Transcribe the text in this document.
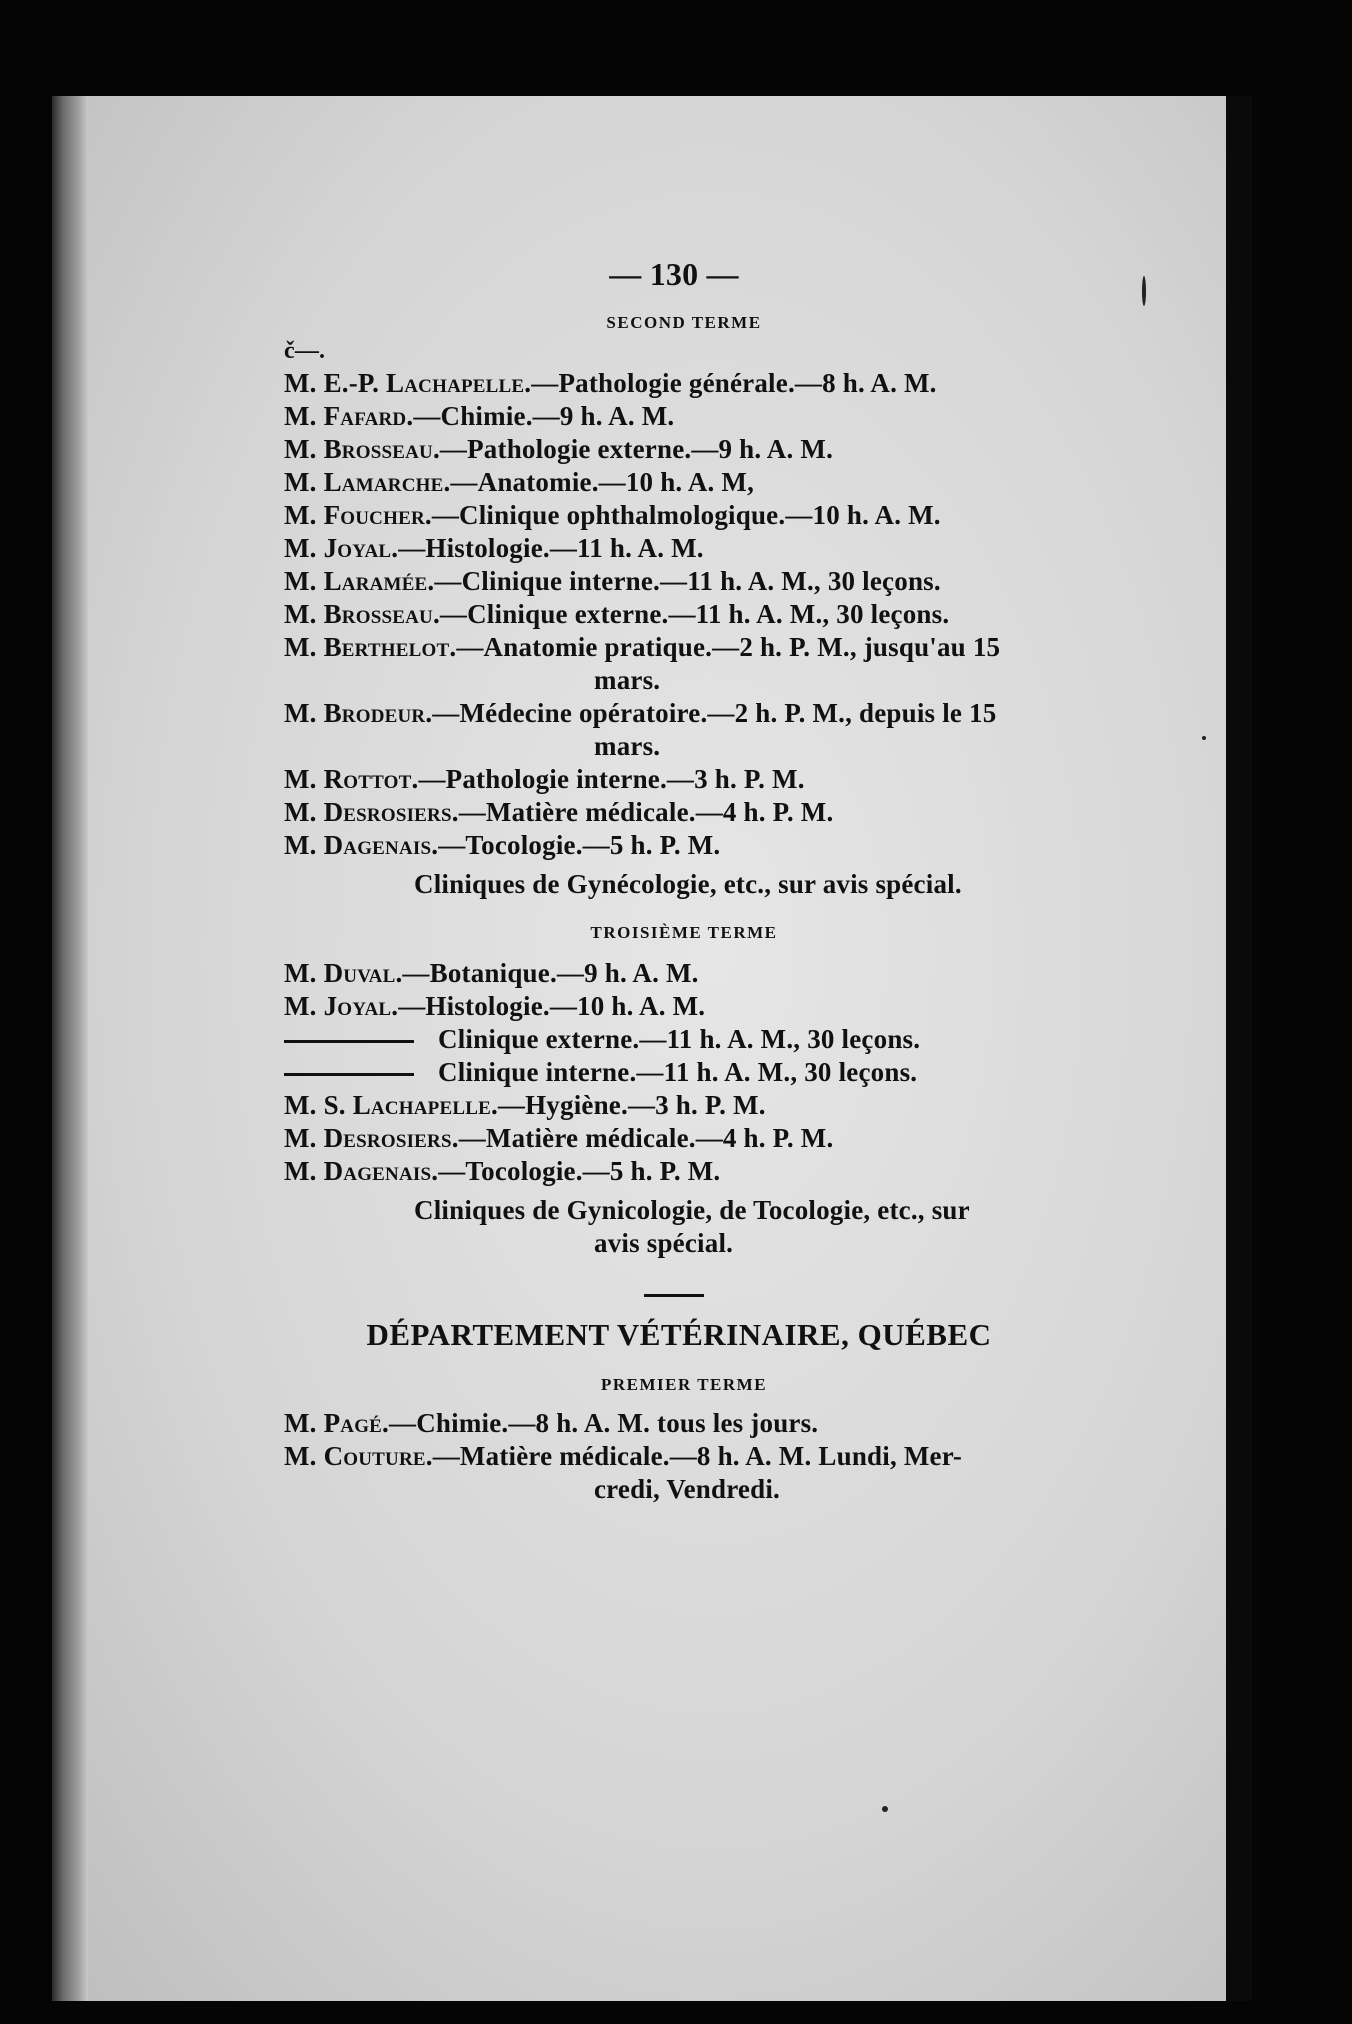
— 130 —
SECOND TERME
č—.
M. E.-P. Lachapelle.—Pathologie générale.—8 h. A. M.
M. Fafard.—Chimie.—9 h. A. M.
M. Brosseau.—Pathologie externe.—9 h. A. M.
M. Lamarche.—Anatomie.—10 h. A. M,
M. Foucher.—Clinique ophthalmologique.—10 h. A. M.
M. Joyal.—Histologie.—11 h. A. M.
M. Laramée.—Clinique interne.—11 h. A. M., 30 leçons.
M. Brosseau.—Clinique externe.—11 h. A. M., 30 leçons.
M. Berthelot.—Anatomie pratique.—2 h. P. M., jusqu'au 15
mars.
M. Brodeur.—Médecine opératoire.—2 h. P. M., depuis le 15
mars.
M. Rottot.—Pathologie interne.—3 h. P. M.
M. Desrosiers.—Matière médicale.—4 h. P. M.
M. Dagenais.—Tocologie.—5 h. P. M.
Cliniques de Gynécologie, etc., sur avis spécial.
TROISIÈME TERME
M. Duval.—Botanique.—9 h. A. M.
M. Joyal.—Histologie.—10 h. A. M.
Clinique externe.—11 h. A. M., 30 leçons.
Clinique interne.—11 h. A. M., 30 leçons.
M. S. Lachapelle.—Hygiène.—3 h. P. M.
M. Desrosiers.—Matière médicale.—4 h. P. M.
M. Dagenais.—Tocologie.—5 h. P. M.
Cliniques de Gynicologie, de Tocologie, etc., sur
avis spécial.
DÉPARTEMENT VÉTÉRINAIRE, QUÉBEC
PREMIER TERME
M. Pagé.—Chimie.—8 h. A. M. tous les jours.
M. Couture.—Matière médicale.—8 h. A. M. Lundi, Mer-
credi, Vendredi.
